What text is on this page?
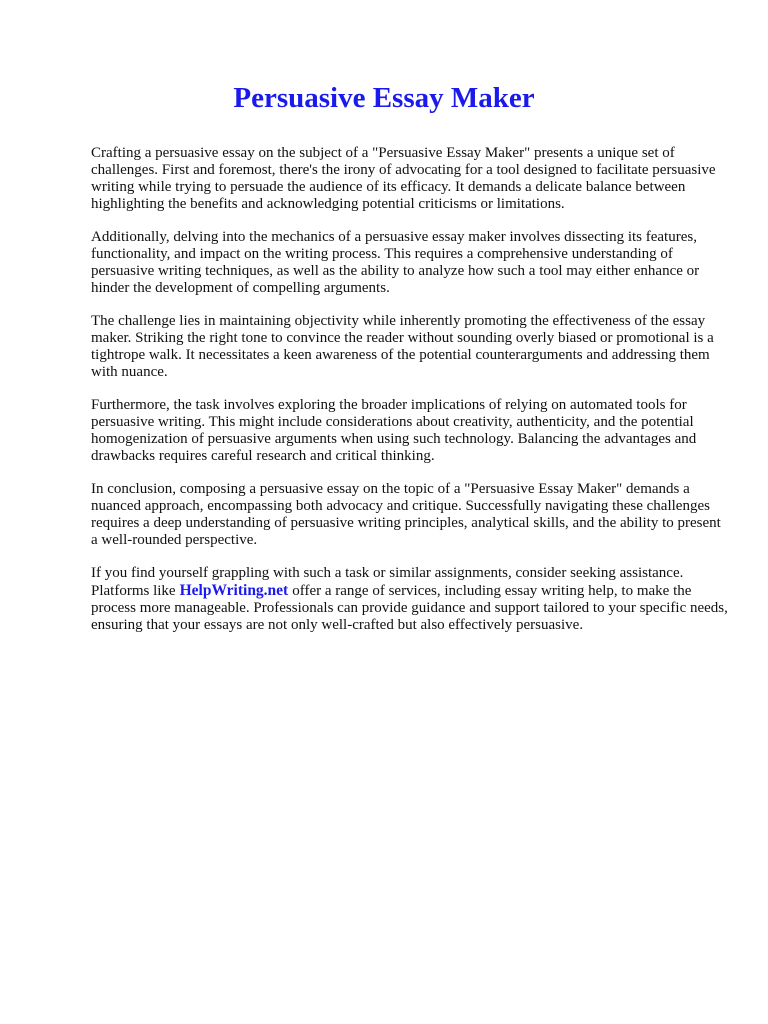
Persuasive Essay Maker

Crafting a persuasive essay on the subject of a "Persuasive Essay Maker" presents a unique set of challenges. First and foremost, there's the irony of advocating for a tool designed to facilitate persuasive writing while trying to persuade the audience of its efficacy. It demands a delicate balance between highlighting the benefits and acknowledging potential criticisms or limitations.

Additionally, delving into the mechanics of a persuasive essay maker involves dissecting its features, functionality, and impact on the writing process. This requires a comprehensive understanding of persuasive writing techniques, as well as the ability to analyze how such a tool may either enhance or hinder the development of compelling arguments.

The challenge lies in maintaining objectivity while inherently promoting the effectiveness of the essay maker. Striking the right tone to convince the reader without sounding overly biased or promotional is a tightrope walk. It necessitates a keen awareness of the potential counterarguments and addressing them with nuance.

Furthermore, the task involves exploring the broader implications of relying on automated tools for persuasive writing. This might include considerations about creativity, authenticity, and the potential homogenization of persuasive arguments when using such technology. Balancing the advantages and drawbacks requires careful research and critical thinking.

In conclusion, composing a persuasive essay on the topic of a "Persuasive Essay Maker" demands a nuanced approach, encompassing both advocacy and critique. Successfully navigating these challenges requires a deep understanding of persuasive writing principles, analytical skills, and the ability to present a well-rounded perspective.

If you find yourself grappling with such a task or similar assignments, consider seeking assistance. Platforms like HelpWriting.net offer a range of services, including essay writing help, to make the process more manageable. Professionals can provide guidance and support tailored to your specific needs, ensuring that your essays are not only well-crafted but also effectively persuasive.
